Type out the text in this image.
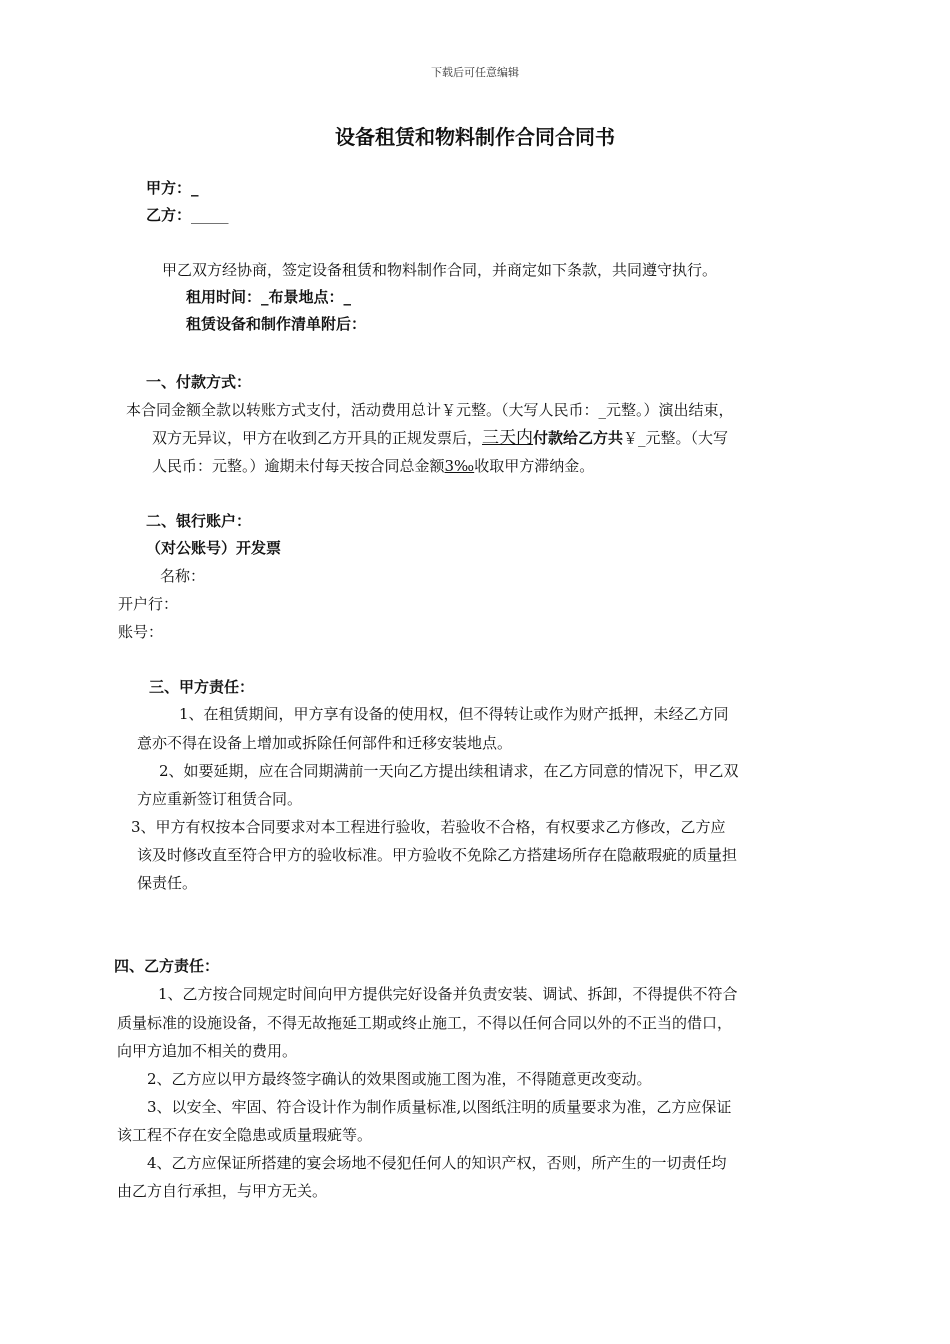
下载后可任意编辑
设备租赁和物料制作合同合同书
甲方：_
乙方：_____
甲乙双方经协商，签定设备租赁和物料制作合同，并商定如下条款，共同遵守执行。
租用时间：_布景地点：_
租赁设备和制作清单附后：
一、付款方式：
本合同金额全款以转账方式支付，活动费用总计￥元整。（大写人民币：_元整。）演出结束，
双方无异议，甲方在收到乙方开具的正规发票后，三天内付款给乙方共￥_元整。（大写
人民币：元整。）逾期未付每天按合同总金额3‰收取甲方滞纳金。
二、银行账户：
（对公账号）开发票
名称：
开户行：
账号：
三、甲方责任：
1、在租赁期间，甲方享有设备的使用权，但不得转让或作为财产抵押，未经乙方同
意亦不得在设备上增加或拆除任何部件和迁移安装地点。
2、如要延期，应在合同期满前一天向乙方提出续租请求，在乙方同意的情况下，甲乙双
方应重新签订租赁合同。
3、甲方有权按本合同要求对本工程进行验收，若验收不合格，有权要求乙方修改，乙方应
该及时修改直至符合甲方的验收标准。甲方验收不免除乙方搭建场所存在隐蔽瑕疵的质量担
保责任。
四、乙方责任：
1、乙方按合同规定时间向甲方提供完好设备并负责安装、调试、拆卸，不得提供不符合
质量标准的设施设备，不得无故拖延工期或终止施工，不得以任何合同以外的不正当的借口，
向甲方追加不相关的费用。
2、乙方应以甲方最终签字确认的效果图或施工图为准，不得随意更改变动。
3、以安全、牢固、符合设计作为制作质量标准,以图纸注明的质量要求为准，乙方应保证
该工程不存在安全隐患或质量瑕疵等。
4、乙方应保证所搭建的宴会场地不侵犯任何人的知识产权，否则，所产生的一切责任均
由乙方自行承担，与甲方无关。
